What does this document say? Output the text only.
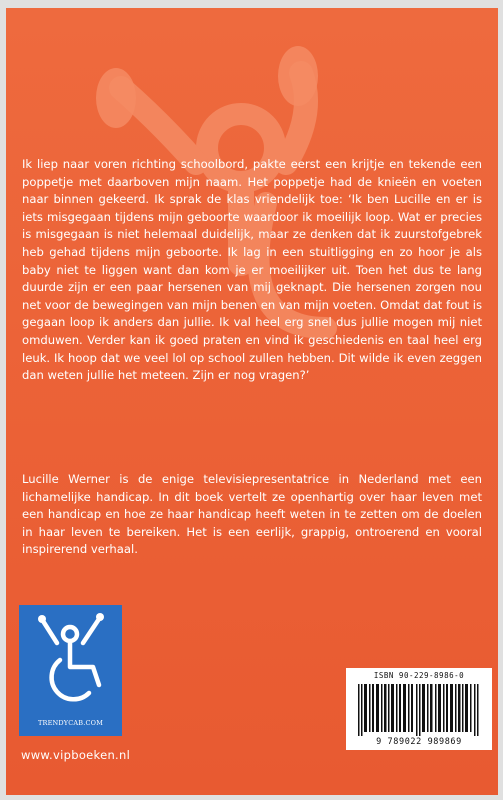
Ik liep naar voren richting schoolbord, pakte eerst een krijtje en tekende een poppetje met daarboven mijn naam. Het poppetje had de knieën en voeten naar binnen gekeerd. Ik sprak de klas vriendelijk toe: ‘Ik ben Lucille en er is iets misgegaan tijdens mijn geboorte waardoor ik moeilijk loop. Wat er precies is misgegaan is niet helemaal duidelijk, maar ze denken dat ik zuurstofgebrek heb gehad tijdens mijn geboorte. Ik lag in een stuitligging en zo hoor je als baby niet te liggen want dan kom je er moeilijker uit. Toen het dus te lang duurde zijn er een paar hersenen van mij geknapt. Die hersenen zorgen nou net voor de bewegingen van mijn benen en van mijn voeten. Omdat dat fout is gegaan loop ik anders dan jullie. Ik val heel erg snel dus jullie mogen mij niet omduwen. Verder kan ik goed praten en vind ik geschiedenis en taal heel erg leuk. Ik hoop dat we veel lol op school zullen hebben. Dit wilde ik even zeggen dan weten jullie het meteen. Zijn er nog vragen?’

Lucille Werner is de enige televisiepresentatrice in Nederland met een lichamelijke handicap. In dit boek vertelt ze openhartig over haar leven met een handicap en hoe ze haar handicap heeft weten in te zetten om de doelen in haar leven te bereiken. Het is een eerlijk, grappig, ontroerend en vooral inspirerend verhaal.

TRENDYCAB.COM
www.vipboeken.nl
ISBN 90-229-8986-0
9 789022 989869
